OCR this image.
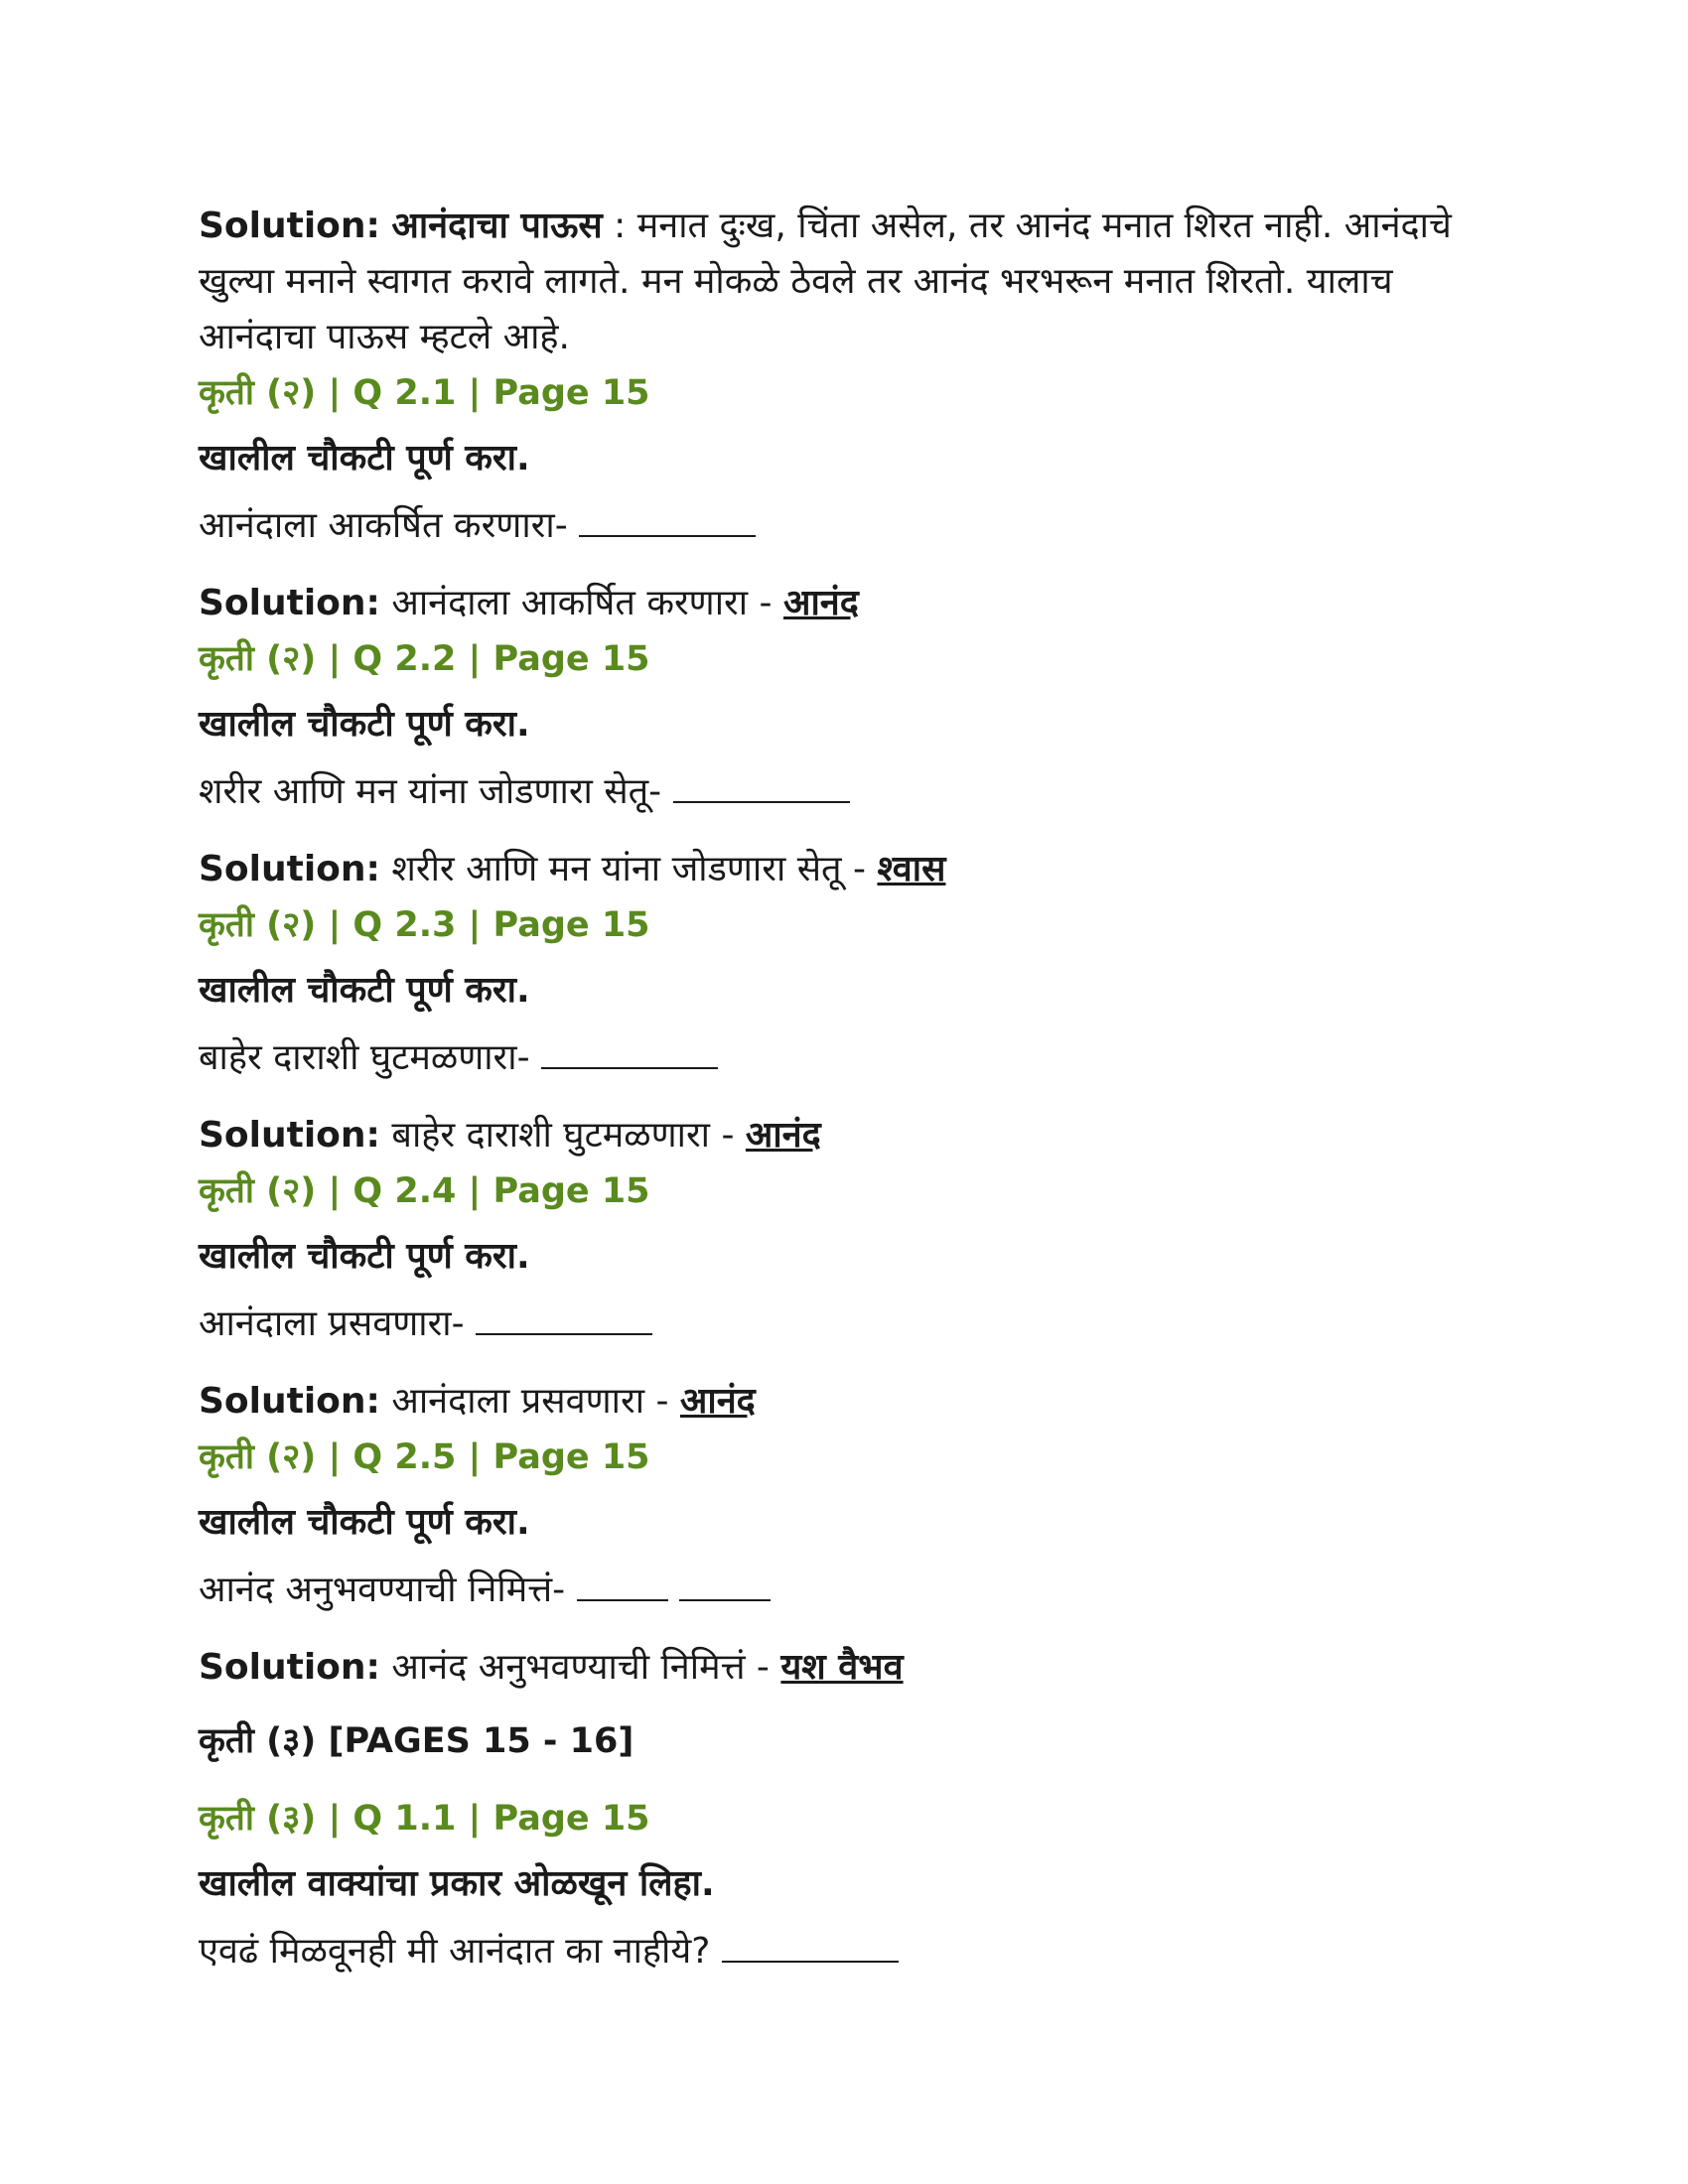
Solution: आनंदाचा पाऊस : मनात दुःख, चिंता असेल, तर आनंद मनात शिरत नाही. आनंदाचे खुल्या मनाने स्वागत करावे लागते. मन मोकळे ठेवले तर आनंद भरभरून मनात शिरतो. यालाच आनंदाचा पाऊस म्हटले आहे.

कृती (२) | Q 2.1 | Page 15

खालील चौकटी पूर्ण करा.

आनंदाला आकर्षित करणारा-

Solution: आनंदाला आकर्षित करणारा - आनंद

कृती (२) | Q 2.2 | Page 15

खालील चौकटी पूर्ण करा.

शरीर आणि मन यांना जोडणारा सेतू-

Solution: शरीर आणि मन यांना जोडणारा सेतू - श्वास

कृती (२) | Q 2.3 | Page 15

खालील चौकटी पूर्ण करा.

बाहेर दाराशी घुटमळणारा-

Solution: बाहेर दाराशी घुटमळणारा - आनंद

कृती (२) | Q 2.4 | Page 15

खालील चौकटी पूर्ण करा.

आनंदाला प्रसवणारा-

Solution: आनंदाला प्रसवणारा - आनंद

कृती (२) | Q 2.5 | Page 15

खालील चौकटी पूर्ण करा.

आनंद अनुभवण्याची निमित्तं-

Solution: आनंद अनुभवण्याची निमित्तं - यश वैभव

कृती (३) [PAGES 15 - 16]

कृती (३) | Q 1.1 | Page 15

खालील वाक्यांचा प्रकार ओळखून लिहा.

एवढं मिळवूनही मी आनंदात का नाहीये?
